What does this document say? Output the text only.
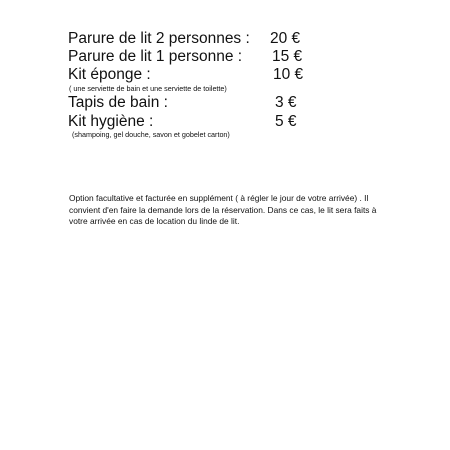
Parure de lit 2 personnes : 20 €
Parure de lit 1 personne : 15 €
Kit éponge :	10 €
( une serviette de bain et une serviette de toilette)
Tapis de bain :	3 €
Kit hygiène :	5 €
(shampoing, gel douche, savon et gobelet carton)

Option facultative et facturée en supplément ( à régler le jour de votre arrivée) . Il convient d'en faire la demande lors de la réservation. Dans ce cas, le lit sera faits à votre arrivée en cas de location du linde de lit.
